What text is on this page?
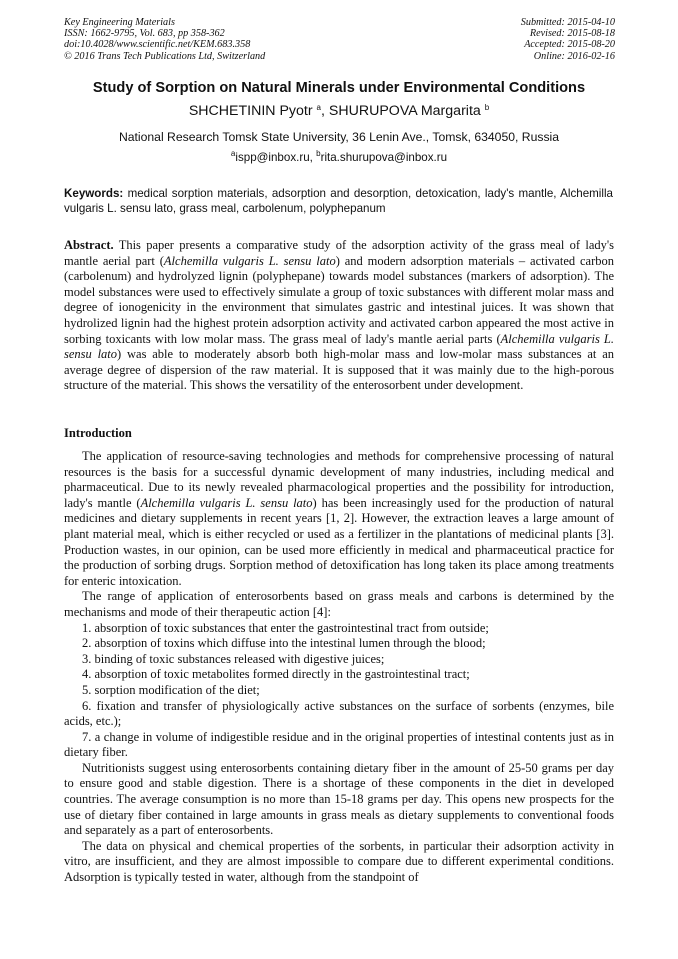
Key Engineering Materials
ISSN: 1662-9795, Vol. 683, pp 358-362
doi:10.4028/www.scientific.net/KEM.683.358
© 2016 Trans Tech Publications Ltd, Switzerland
Submitted: 2015-04-10
Revised: 2015-08-18
Accepted: 2015-08-20
Online: 2016-02-16
Study of Sorption on Natural Minerals under Environmental Conditions
SHCHETININ Pyotr $^a$, SHURUPOVA Margarita $^b$
National Research Tomsk State University, 36 Lenin Ave., Tomsk, 634050, Russia
$^a$ispp@inbox.ru, $^b$rita.shurupova@inbox.ru
Keywords: medical sorption materials, adsorption and desorption, detoxication, lady's mantle, Alchemilla vulgaris L. sensu lato, grass meal, carbolenum, polyphepanum
Abstract. This paper presents a comparative study of the adsorption activity of the grass meal of lady's mantle aerial part (Alchemilla vulgaris L. sensu lato) and modern adsorption materials – activated carbon (carbolenum) and hydrolyzed lignin (polyphepane) towards model substances (markers of adsorption). The model substances were used to effectively simulate a group of toxic substances with different molar mass and degree of ionogenicity in the environment that simulates gastric and intestinal juices. It was shown that hydrolized lignin had the highest protein adsorption activity and activated carbon appeared the most active in sorbing toxicants with low molar mass. The grass meal of lady's mantle aerial parts (Alchemilla vulgaris L. sensu lato) was able to moderately absorb both high-molar mass and low-molar mass substances at an average degree of dispersion of the raw material. It is supposed that it was mainly due to the high-porous structure of the material. This shows the versatility of the enterosorbent under development.
Introduction

The application of resource-saving technologies and methods for comprehensive processing of natural resources is the basis for a successful dynamic development of many industries, including medical and pharmaceutical. Due to its newly revealed pharmacological properties and the possibility for introduction, lady's mantle (Alchemilla vulgaris L. sensu lato) has been increasingly used for the production of natural medicines and dietary supplements in recent years [1, 2]. However, the extraction leaves a large amount of plant material meal, which is either recycled or used as a fertilizer in the plantations of medicinal plants [3]. Production wastes, in our opinion, can be used more efficiently in medical and pharmaceutical practice for the production of sorbing drugs. Sorption method of detoxification has long taken its place among treatments for enteric intoxication.

The range of application of enterosorbents based on grass meals and carbons is determined by the mechanisms and mode of their therapeutic action [4]:

1. absorption of toxic substances that enter the gastrointestinal tract from outside;
2. absorption of toxins which diffuse into the intestinal lumen through the blood;
3. binding of toxic substances released with digestive juices;
4. absorption of toxic metabolites formed directly in the gastrointestinal tract;
5. sorption modification of the diet;
6. fixation and transfer of physiologically active substances on the surface of sorbents (enzymes, bile acids, etc.);
7. a change in volume of indigestible residue and in the original properties of intestinal contents just as in dietary fiber.

Nutritionists suggest using enterosorbents containing dietary fiber in the amount of 25-50 grams per day to ensure good and stable digestion. There is a shortage of these components in the diet in developed countries. The average consumption is no more than 15-18 grams per day. This opens new prospects for the use of dietary fiber contained in large amounts in grass meals as dietary supplements to conventional foods and separately as a part of enterosorbents.

The data on physical and chemical properties of the sorbents, in particular their adsorption activity in vitro, are insufficient, and they are almost impossible to compare due to different experimental conditions. Adsorption is typically tested in water, although from the standpoint of
